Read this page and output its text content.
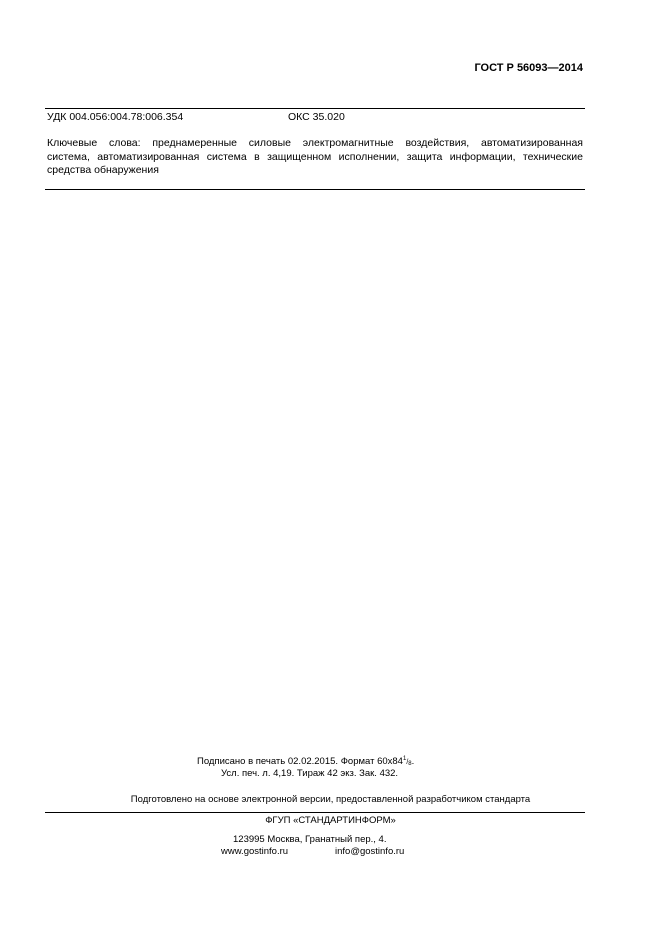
ГОСТ Р 56093—2014
УДК 004.056:004.78:006.354	ОКС 35.020
Ключевые слова: преднамеренные силовые электромагнитные воздействия, автоматизированная
система, автоматизированная система в защищенном исполнении, защита информации, технические
средства обнаружения
Подписано в печать 02.02.2015. Формат $60х84^1/_8$.
Усл. печ. л. 4,19. Тираж 42 экз. Зак. 432.
Подготовлено на основе электронной версии, предоставленной разработчиком стандарта
ФГУП «СТАНДАРТИНФОРМ»
123995 Москва, Гранатный пер., 4.
www.gostinfo.ru	info@gostinfo.ru
